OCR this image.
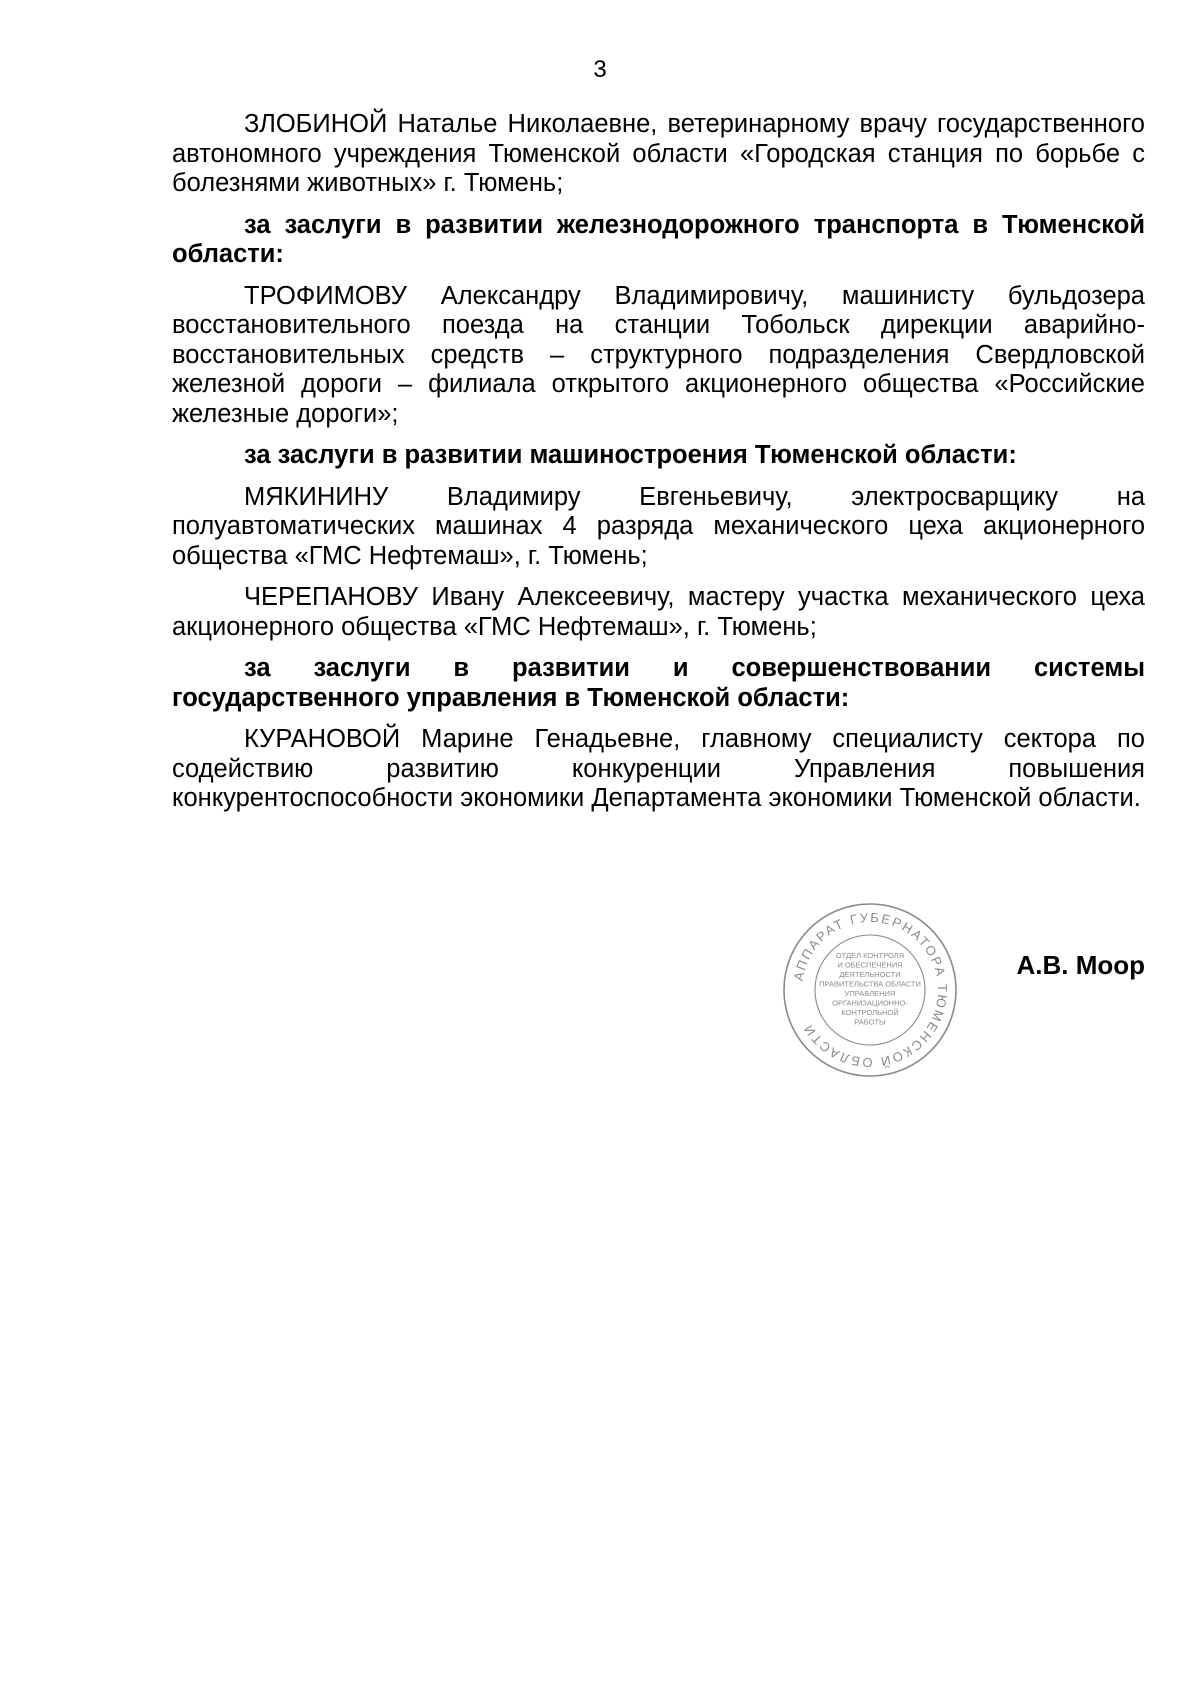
3

ЗЛОБИНОЙ Наталье Николаевне, ветеринарному врачу государственного автономного учреждения Тюменской области «Городская станция по борьбе с болезнями животных» г. Тюмень;

за заслуги в развитии железнодорожного транспорта в Тюменской области:

ТРОФИМОВУ Александру Владимировичу, машинисту бульдозера восстановительного поезда на станции Тобольск дирекции аварийно-восстановительных средств – структурного подразделения Свердловской железной дороги – филиала открытого акционерного общества «Российские железные дороги»;

за заслуги в развитии машиностроения Тюменской области:

МЯКИНИНУ Владимиру Евгеньевичу, электросварщику на полуавтоматических машинах 4 разряда механического цеха акционерного общества «ГМС Нефтемаш», г. Тюмень;

ЧЕРЕПАНОВУ Ивану Алексеевичу, мастеру участка механического цеха акционерного общества «ГМС Нефтемаш», г. Тюмень;

за заслуги в развитии и совершенствовании системы государственного управления в Тюменской области:

КУРАНОВОЙ Марине Генадьевне, главному специалисту сектора по содействию развитию конкуренции Управления повышения конкурентоспособности экономики Департамента экономики Тюменской области.

АППАРАТ ГУБЕРНАТОРА ТЮМЕНСКОЙ ОБЛАСТИ
ОТДЕЛ КОНТРОЛЯ
И ОБЕСПЕЧЕНИЯ
ДЕЯТЕЛЬНОСТИ
ПРАВИТЕЛЬСТВА ОБЛАСТИ
УПРАВЛЕНИЯ
ОРГАНИЗАЦИОННО-
КОНТРОЛЬНОЙ
РАБОТЫ
А.В. Моор
